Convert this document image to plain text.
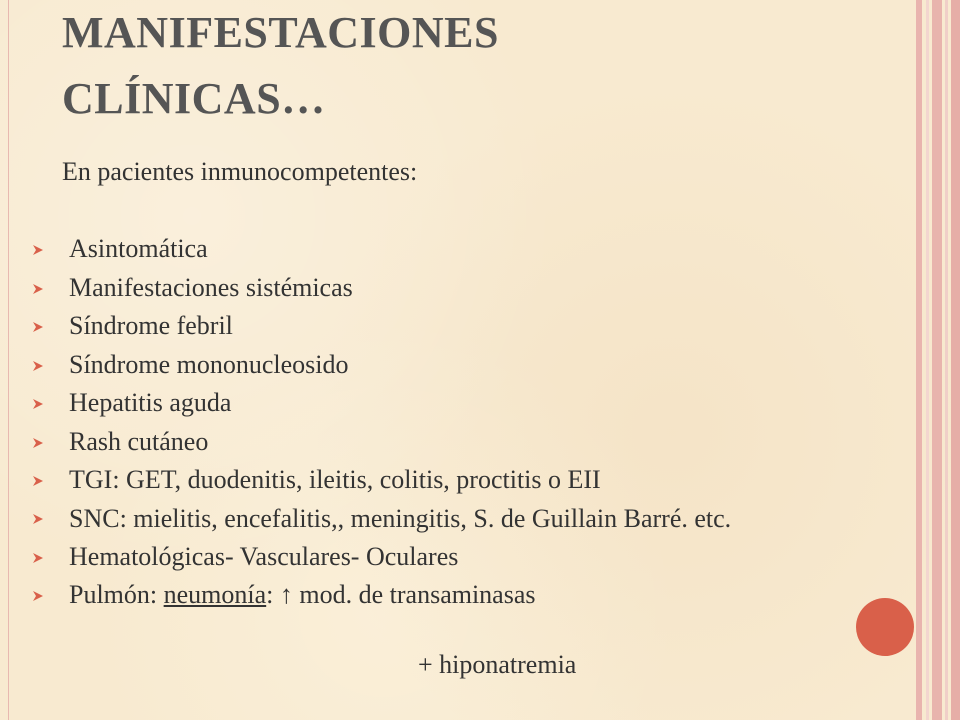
MANIFESTACIONES
CLÍNICAS…

En pacientes inmunocompetentes:

Asintomática
Manifestaciones sistémicas
Síndrome febril
Síndrome mononucleosido
Hepatitis aguda
Rash cutáneo
TGI: GET, duodenitis, ileitis, colitis, proctitis o EII
SNC: mielitis, encefalitis,, meningitis, S. de Guillain Barré. etc.
Hematológicas- Vasculares- Oculares
Pulmón: neumonía: ↑ mod. de transaminasas
+ hiponatremia
